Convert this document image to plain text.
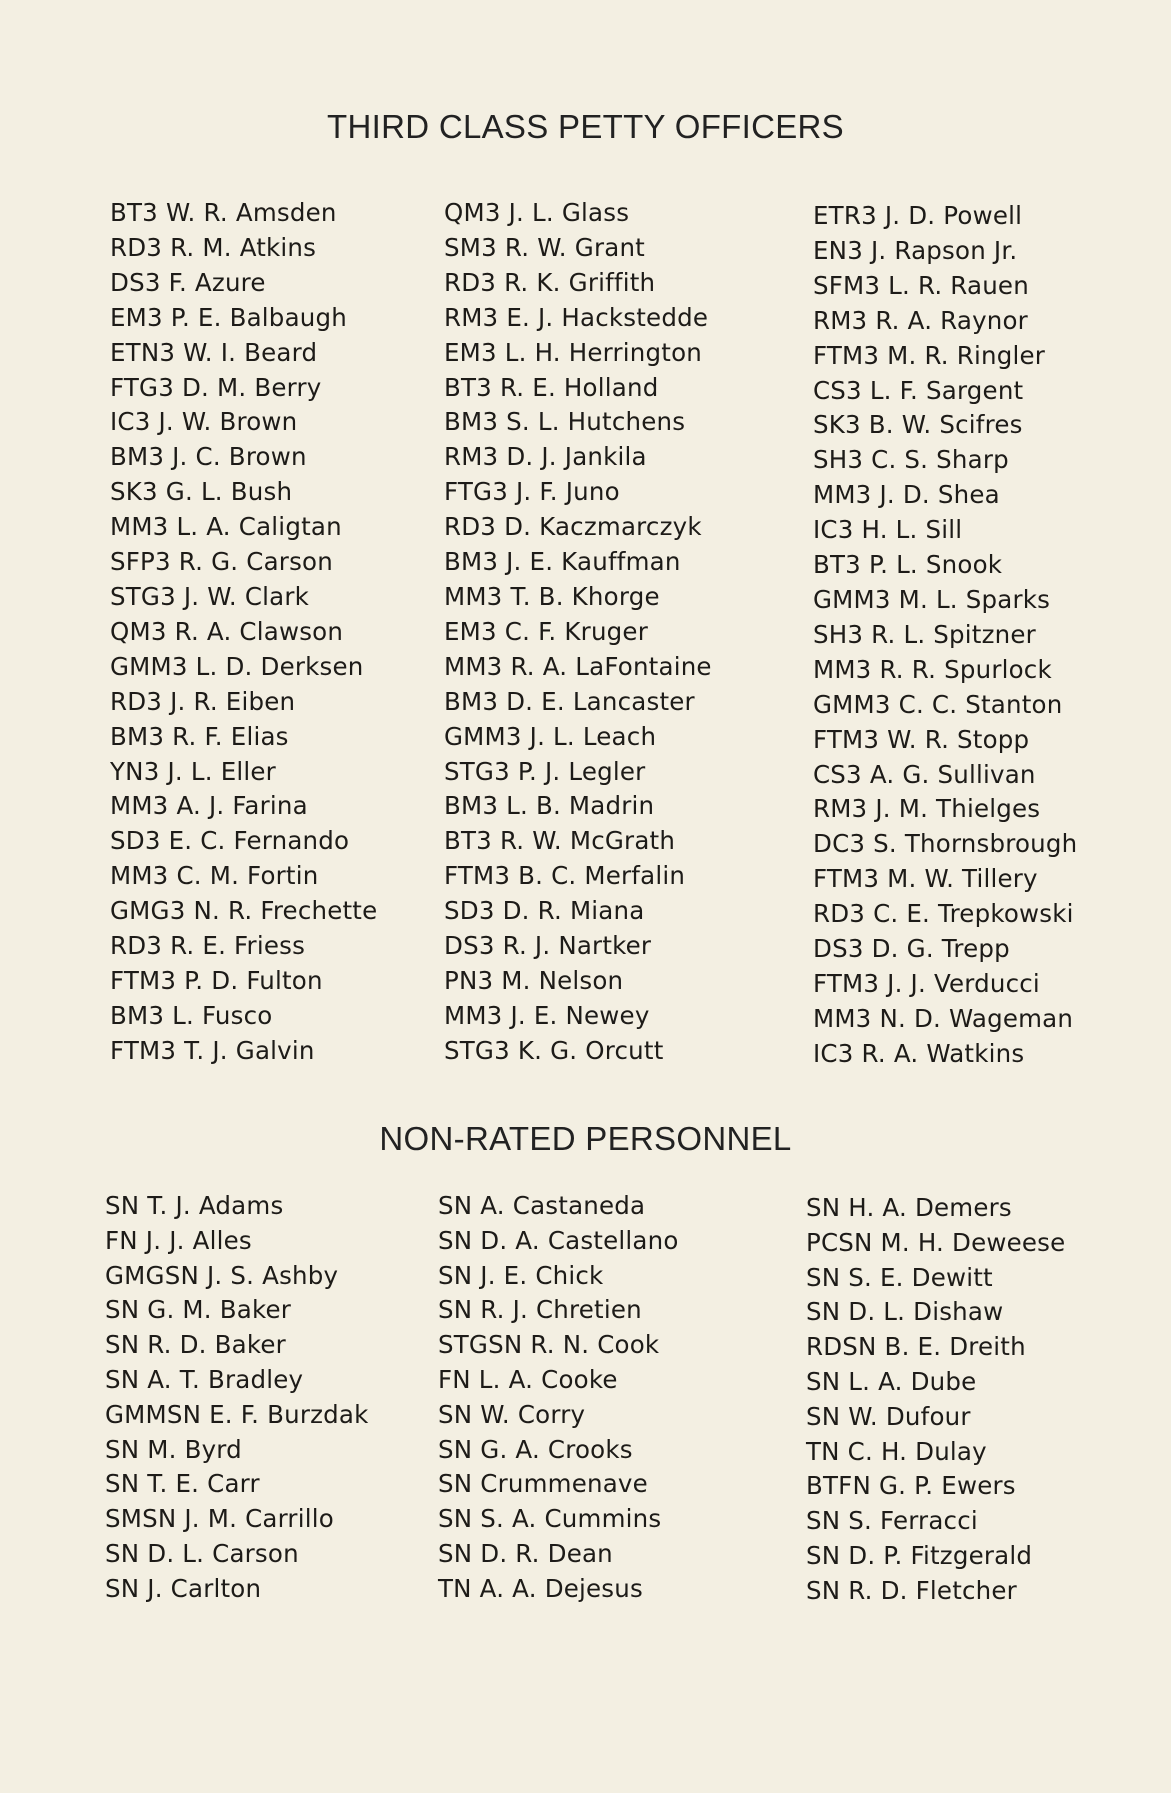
THIRD CLASS PETTY OFFICERS
BT3 W. R. Amsden
RD3 R. M. Atkins
DS3 F. Azure
EM3 P. E. Balbaugh
ETN3 W. I. Beard
FTG3 D. M. Berry
IC3 J. W. Brown
BM3 J. C. Brown
SK3 G. L. Bush
MM3 L. A. Caligtan
SFP3 R. G. Carson
STG3 J. W. Clark
QM3 R. A. Clawson
GMM3 L. D. Derksen
RD3 J. R. Eiben
BM3 R. F. Elias
YN3 J. L. Eller
MM3 A. J. Farina
SD3 E. C. Fernando
MM3 C. M. Fortin
GMG3 N. R. Frechette
RD3 R. E. Friess
FTM3 P. D. Fulton
BM3 L. Fusco
FTM3 T. J. Galvin
QM3 J. L. Glass
SM3 R. W. Grant
RD3 R. K. Griffith
RM3 E. J. Hackstedde
EM3 L. H. Herrington
BT3 R. E. Holland
BM3 S. L. Hutchens
RM3 D. J. Jankila
FTG3 J. F. Juno
RD3 D. Kaczmarczyk
BM3 J. E. Kauffman
MM3 T. B. Khorge
EM3 C. F. Kruger
MM3 R. A. LaFontaine
BM3 D. E. Lancaster
GMM3 J. L. Leach
STG3 P. J. Legler
BM3 L. B. Madrin
BT3 R. W. McGrath
FTM3 B. C. Merfalin
SD3 D. R. Miana
DS3 R. J. Nartker
PN3 M. Nelson
MM3 J. E. Newey
STG3 K. G. Orcutt
ETR3 J. D. Powell
EN3 J. Rapson Jr.
SFM3 L. R. Rauen
RM3 R. A. Raynor
FTM3 M. R. Ringler
CS3 L. F. Sargent
SK3 B. W. Scifres
SH3 C. S. Sharp
MM3 J. D. Shea
IC3 H. L. Sill
BT3 P. L. Snook
GMM3 M. L. Sparks
SH3 R. L. Spitzner
MM3 R. R. Spurlock
GMM3 C. C. Stanton
FTM3 W. R. Stopp
CS3 A. G. Sullivan
RM3 J. M. Thielges
DC3 S. Thornsbrough
FTM3 M. W. Tillery
RD3 C. E. Trepkowski
DS3 D. G. Trepp
FTM3 J. J. Verducci
MM3 N. D. Wageman
IC3 R. A. Watkins
NON-RATED PERSONNEL
SN T. J. Adams
FN J. J. Alles
GMGSN J. S. Ashby
SN G. M. Baker
SN R. D. Baker
SN A. T. Bradley
GMMSN E. F. Burzdak
SN M. Byrd
SN T. E. Carr
SMSN J. M. Carrillo
SN D. L. Carson
SN J. Carlton
SN A. Castaneda
SN D. A. Castellano
SN J. E. Chick
SN R. J. Chretien
STGSN R. N. Cook
FN L. A. Cooke
SN W. Corry
SN G. A. Crooks
SN Crummenave
SN S. A. Cummins
SN D. R. Dean
TN A. A. Dejesus
SN H. A. Demers
PCSN M. H. Deweese
SN S. E. Dewitt
SN D. L. Dishaw
RDSN B. E. Dreith
SN L. A. Dube
SN W. Dufour
TN C. H. Dulay
BTFN G. P. Ewers
SN S. Ferracci
SN D. P. Fitzgerald
SN R. D. Fletcher
